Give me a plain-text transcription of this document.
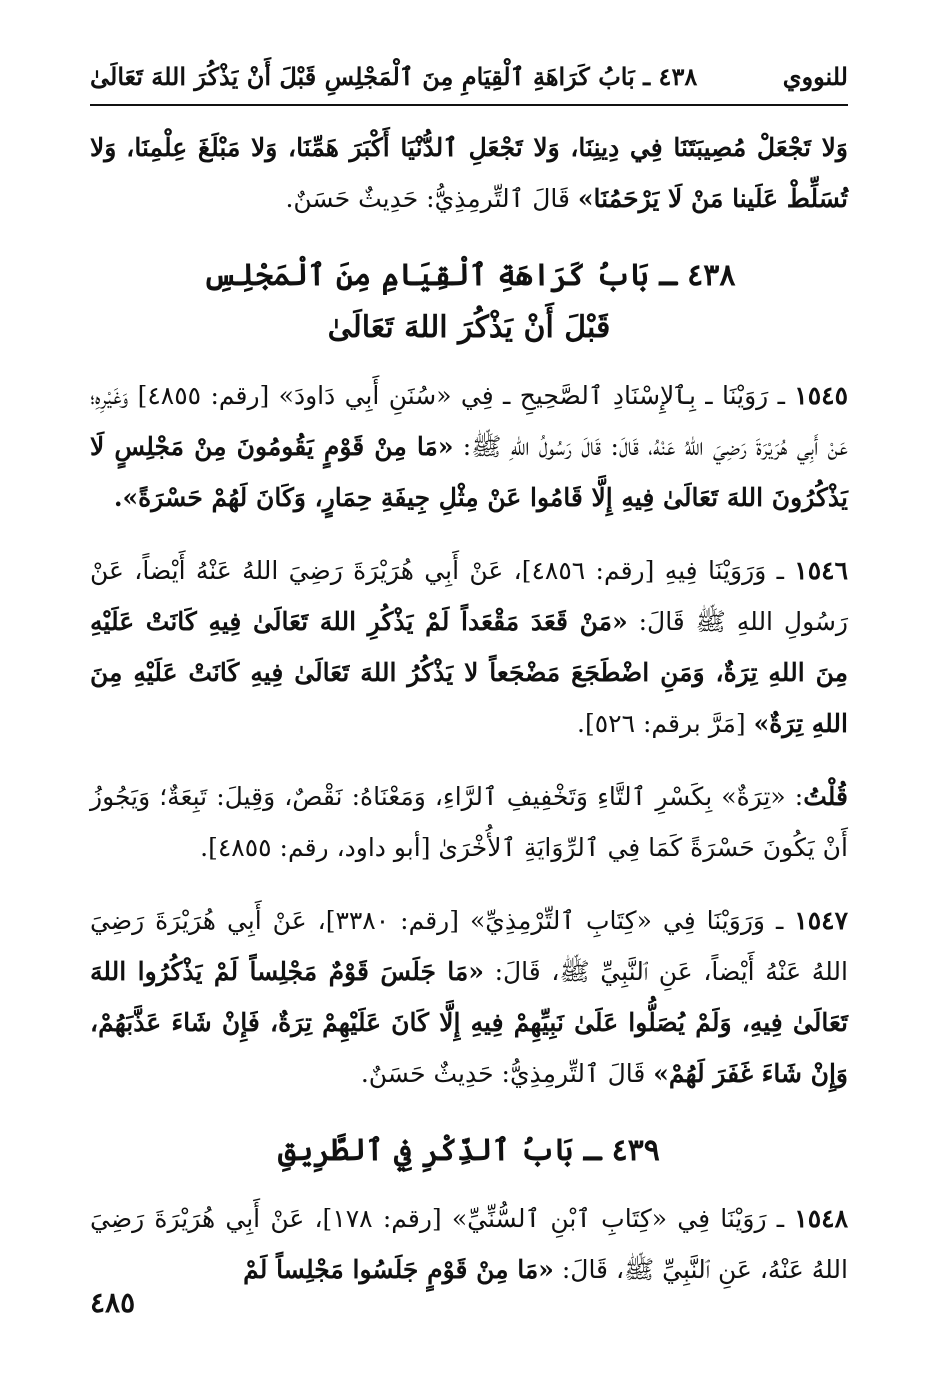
للنووي
٤٣٨ ـ بَابُ كَرَاهَةِ ٱلْقِيَامِ مِنَ ٱلْمَجْلِسِ قَبْلَ أَنْ يَذْكُرَ اللهَ تَعَالَىٰ

وَلا تَجْعَلْ مُصِيبَتَنَا فِي دِينِنَا، وَلا تَجْعَلِ ٱلدُّنْيَا أَكْبَرَ هَمِّنَا، وَلا مَبْلَغَ عِلْمِنَا، وَلا تُسَلِّطْ عَلَينا مَنْ لَا يَرْحَمُنَا» قَالَ ٱلتِّرمِذِيُّ: حَدِيثٌ حَسَنٌ.

٤٣٨ ـ بَابُ كَرَاهَةِ ٱلْقِيَامِ مِنَ ٱلْمَجْلِسِ
قَبْلَ أَنْ يَذْكُرَ اللهَ تَعَالَىٰ

١٥٤٥ ـ رَوَيْنَا ـ بِٱلإِسْنَادِ ٱلصَّحِيحِ ـ فِي «سُنَنِ أَبِي دَاودَ» [رقم: ٤٨٥٥] وَغَيْرِهِ؛ عَنْ أَبِي هُرَيْرَةَ رَضِيَ اللهُ عَنْهُ، قَالَ: قَالَ رَسُولُ اللهِ ﷺ: «مَا مِنْ قَوْمٍ يَقُومُونَ مِنْ مَجْلِسٍ لَا يَذْكُرُونَ اللهَ تَعَالَىٰ فِيهِ إِلَّا قَامُوا عَنْ مِثْلِ جِيفَةِ حِمَارٍ، وَكَانَ لَهُمْ حَسْرَةً».

١٥٤٦ ـ وَرَوَيْنَا فِيهِ [رقم: ٤٨٥٦]، عَنْ أَبِي هُرَيْرَةَ رَضِيَ اللهُ عَنْهُ أَيْضاً، عَنْ رَسُولِ اللهِ ﷺ قَالَ: «مَنْ قَعَدَ مَقْعَداً لَمْ يَذْكُرِ اللهَ تَعَالَىٰ فِيهِ كَانَتْ عَلَيْهِ مِنَ اللهِ تِرَةٌ، وَمَنِ اضْطَجَعَ مَضْجَعاً لا يَذْكُرُ اللهَ تَعَالَىٰ فِيهِ كَانَتْ عَلَيْهِ مِنَ اللهِ تِرَةٌ» [مَرَّ برقم: ٥٢٦].

قُلْتُ: «تِرَةٌ» بِكَسْرِ ٱلتَّاءِ وَتَخْفِيفِ ٱلرَّاءِ، وَمَعْنَاهُ: نَقْصٌ، وَقِيلَ: تَبِعَةٌ؛ وَيَجُوزُ أَنْ يَكُونَ حَسْرَةً كَمَا فِي ٱلرِّوَايَةِ ٱلأُخْرَىٰ [أبو داود، رقم: ٤٨٥٥].

١٥٤٧ ـ وَرَوَيْنَا فِي «كِتَابِ ٱلتِّرْمِذِيِّ» [رقم: ٣٣٨٠]، عَنْ أَبِي هُرَيْرَةَ رَضِيَ اللهُ عَنْهُ أَيْضاً، عَنِ ٱلنَّبِيِّ ﷺ، قَالَ: «مَا جَلَسَ قَوْمٌ مَجْلِساً لَمْ يَذْكُرُوا اللهَ تَعَالَىٰ فِيهِ، وَلَمْ يُصَلُّوا عَلَىٰ نَبِيِّهِمْ فِيهِ إِلَّا كَانَ عَلَيْهِمْ تِرَةٌ، فَإِنْ شَاءَ عَذَّبَهُمْ، وَإِنْ شَاءَ غَفَرَ لَهُمْ» قَالَ ٱلتِّرمِذِيُّ: حَدِيثٌ حَسَنٌ.

٤٣٩ ـ بَابُ ٱلذِّكْرِ فِي ٱلطَّرِيقِ

١٥٤٨ ـ رَوَيْنَا فِي «كِتَابِ ٱبْنِ ٱلسُّنِّيِّ» [رقم: ١٧٨]، عَنْ أَبِي هُرَيْرَةَ رَضِيَ اللهُ عَنْهُ، عَنِ ٱلنَّبِيِّ ﷺ، قَالَ: «مَا مِنْ قَوْمٍ جَلَسُوا مَجْلِساً لَمْ

٤٨٥
